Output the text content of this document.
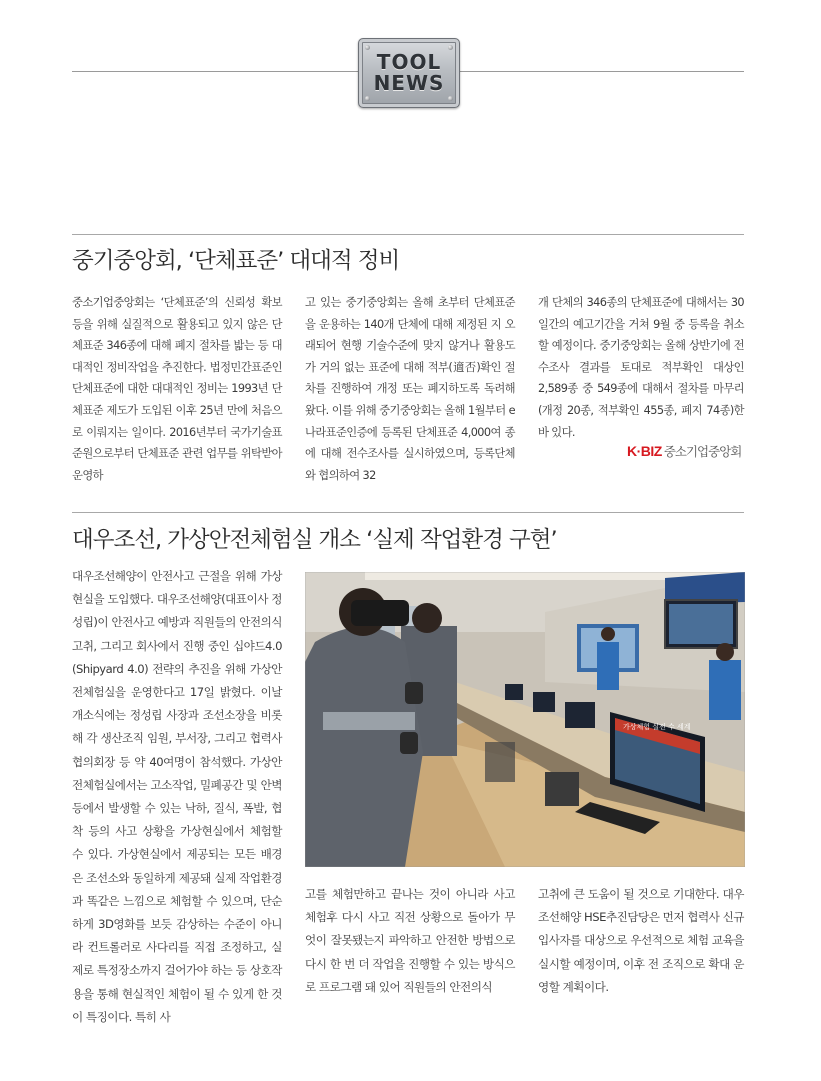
TOOL
NEWS
중기중앙회, ‘단체표준’ 대대적 정비

중소기업중앙회는 ‘단체표준’의 신뢰성 확보 등을 위해 실질적으로 활용되고 있지 않은 단체표준 346종에 대해 폐지 절차를 밟는 등 대대적인 정비작업을 추진한다. 법정민간표준인 단체표준에 대한 대대적인 정비는 1993년 단체표준 제도가 도입된 이후 25년 만에 처음으로 이뤄지는 일이다. 2016년부터 국가기술표준원으로부터 단체표준 관련 업무를 위탁받아 운영하

고 있는 중기중앙회는 올해 초부터 단체표준을 운용하는 140개 단체에 대해 제정된 지 오래되어 현행 기술수준에 맞지 않거나 활용도가 거의 없는 표준에 대해 적부(適否)확인 절차를 진행하여 개정 또는 폐지하도록 독려해 왔다. 이를 위해 중기중앙회는 올해 1월부터 e나라표준인증에 등록된 단체표준 4,000여 종에 대해 전수조사를 실시하였으며, 등록단체와 협의하여 32

개 단체의 346종의 단체표준에 대해서는 30일간의 예고기간을 거쳐 9월 중 등록을 취소할 예정이다. 중기중앙회는 올해 상반기에 전수조사 결과를 토대로 적부확인 대상인 2,589종 중 549종에 대해서 절차를 마무리(개정 20종, 적부확인 455종, 폐지 74종)한 바 있다.

K·BIZ 중소기업중앙회
대우조선, 가상안전체험실 개소 ‘실제 작업환경 구현’

대우조선해양이 안전사고 근절을 위해 가상현실을 도입했다. 대우조선해양(대표이사 정성립)이 안전사고 예방과 직원들의 안전의식 고취, 그리고 회사에서 진행 중인 십야드4.0 (Shipyard 4.0) 전략의 추진을 위해 가상안전체험실을 운영한다고 17일 밝혔다. 이날 개소식에는 정성립 사장과 조선소장을 비롯해 각 생산조직 임원, 부서장, 그리고 협력사 협의회장 등 약 40여명이 참석했다. 가상안전체험실에서는 고소작업, 밀폐공간 및 안벽 등에서 발생할 수 있는 낙하, 질식, 폭발, 협착 등의 사고 상황을 가상현실에서 체험할 수 있다. 가상현실에서 제공되는 모든 배경은 조선소와 동일하게 제공돼 실제 작업환경과 똑같은 느낌으로 체험할 수 있으며, 단순하게 3D영화를 보듯 감상하는 수준이 아니라 컨트롤러로 사다리를 직접 조정하고, 실제로 특정장소까지 걸어가야 하는 등 상호작용을 통해 현실적인 체험이 될 수 있게 한 것이 특징이다. 특히 사

가상체험 실전 수 세계

고를 체험만하고 끝나는 것이 아니라 사고 체험후 다시 사고 직전 상황으로 돌아가 무엇이 잘못됐는지 파악하고 안전한 방법으로 다시 한 번 더 작업을 진행할 수 있는 방식으로 프로그램 돼 있어 직원들의 안전의식

고취에 큰 도움이 될 것으로 기대한다. 대우조선해양 HSE추진담당은 먼저 협력사 신규입사자를 대상으로 우선적으로 체험 교육을 실시할 예정이며, 이후 전 조직으로 확대 운영할 계획이다.
